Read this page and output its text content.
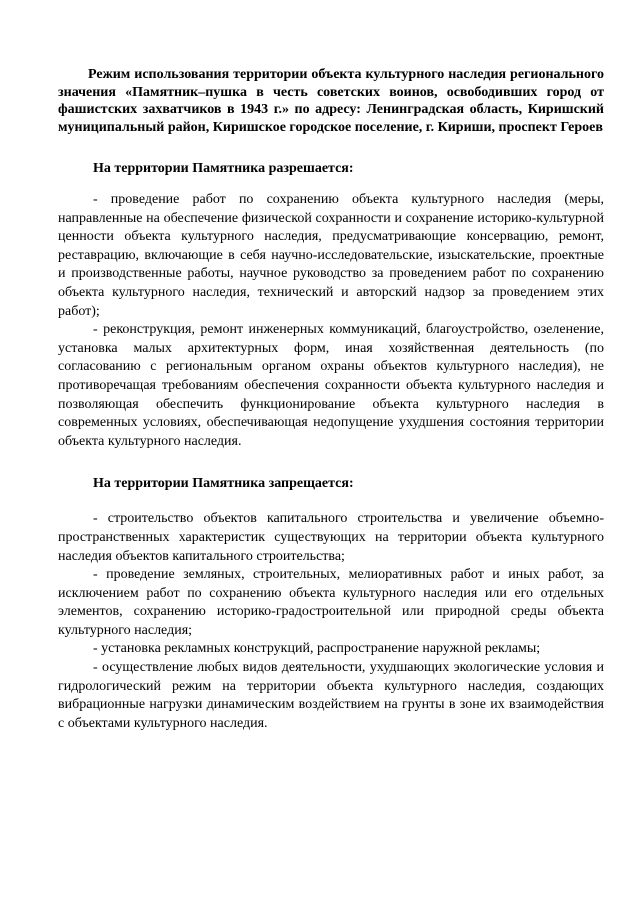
Режим использования территории объекта культурного наследия регионального значения «Памятник–пушка в честь советских воинов, освободивших город от фашистских захватчиков в 1943 г.» по адресу: Ленинградская область, Киришский муниципальный район, Киришское городское поселение, г. Кириши, проспект Героев

На территории Памятника разрешается:

- проведение работ по сохранению объекта культурного наследия (меры, направленные на обеспечение физической сохранности и сохранение историко-культурной ценности объекта культурного наследия, предусматривающие консервацию, ремонт, реставрацию, включающие в себя научно-исследовательские, изыскательские, проектные и производственные работы, научное руководство за проведением работ по сохранению объекта культурного наследия, технический и авторский надзор за проведением этих работ);

- реконструкция, ремонт инженерных коммуникаций, благоустройство, озеленение, установка малых архитектурных форм, иная хозяйственная деятельность (по согласованию с региональным органом охраны объектов культурного наследия), не противоречащая требованиям обеспечения сохранности объекта культурного наследия и позволяющая обеспечить функционирование объекта культурного наследия в современных условиях, обеспечивающая недопущение ухудшения состояния территории объекта культурного наследия.

На территории Памятника запрещается:

- строительство объектов капитального строительства и увеличение объемно-пространственных характеристик существующих на территории объекта культурного наследия объектов капитального строительства;

- проведение земляных, строительных, мелиоративных работ и иных работ, за исключением работ по сохранению объекта культурного наследия или его отдельных элементов, сохранению историко-градостроительной или природной среды объекта культурного наследия;

- установка рекламных конструкций, распространение наружной рекламы;

- осуществление любых видов деятельности, ухудшающих экологические условия и гидрологический режим на территории объекта культурного наследия, создающих вибрационные нагрузки динамическим воздействием на грунты в зоне их взаимодействия с объектами культурного наследия.
